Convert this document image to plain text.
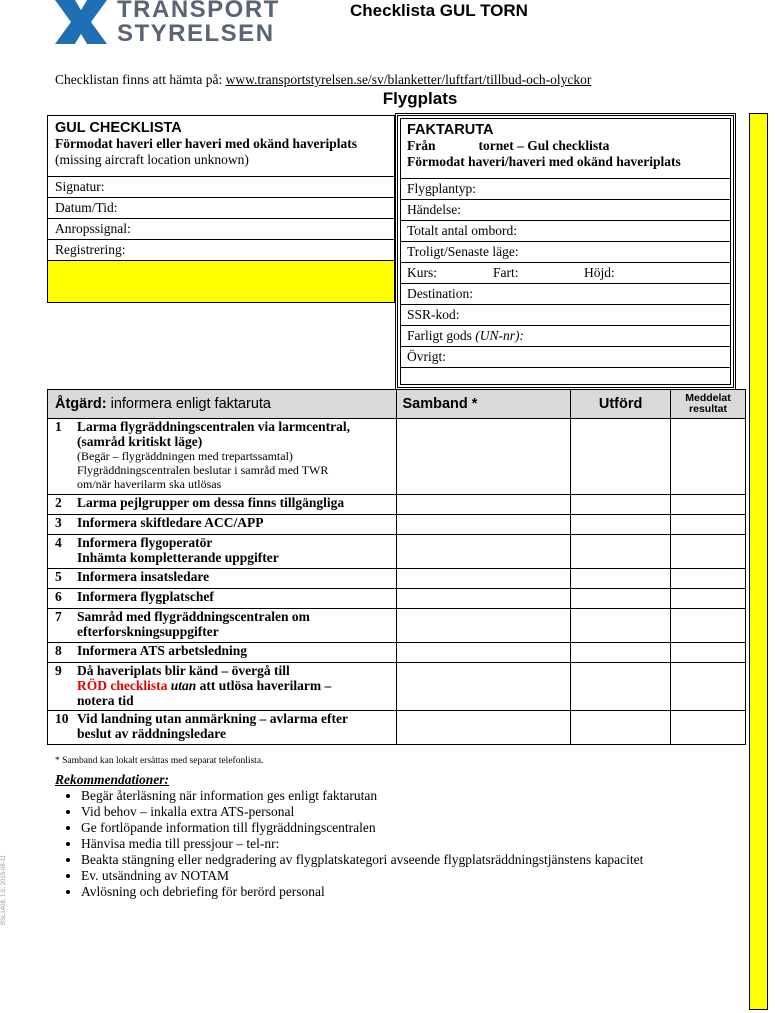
TRANSPORT
STYRELSEN
Checklista GUL TORN
Checklistan finns att hämta på: www.transportstyrelsen.se/sv/blanketter/luftfart/tillbud-och-olyckor
Flygplats
GUL CHECKLISTA
Förmodat haveri eller haveri med okänd haveriplats (missing aircraft location unknown)
Signatur:
Datum/Tid:
Anropssignal:
Registrering:
FAKTARUTA
Från	tornet – Gul checklista
Förmodat haveri/haveri med okänd haveriplats
Flygplantyp:
Händelse:
Totalt antal ombord:
Troligt/Senaste läge:
Kurs:	Fart:	Höjd:
Destination:
SSR-kod:
Farligt gods (UN-nr):
Övrigt:
Åtgärd: informera enligt faktaruta	Samband *	Utförd	Meddelat resultat

1 Larma flygräddningscentralen via larmcentral,
(samråd kritiskt läge)
(Begär – flygräddningen med trepartssamtal)
Flygräddningscentralen beslutar i samråd med TWR
om/när haverilarm ska utlösas			

2 Larma pejlgrupper om dessa finns tillgängliga			
3 Informera skiftledare ACC/APP			

4 Informera flygoperatör
Inhämta kompletterande uppgifter			

5 Informera insatsledare			
6 Informera flygplatschef			

7 Samråd med flygräddningscentralen om
efterforskningsuppgifter			

8 Informera ATS arbetsledning			

9 Då haveriplats blir känd – övergå till
RÖD checklista utan att utlösa haverilarm –
notera tid			

10 Vid landning utan anmärkning – avlarma efter
beslut av räddningsledare			

* Samband kan lokalt ersättas med separat telefonlista.
Rekommendationer:
• Begär återläsning när information ges enligt faktarutan
• Vid behov – inkalla extra ATS-personal
• Ge fortlöpande information till flygräddningscentralen
• Hänvisa media till pressjour – tel-nr:
• Beakta stängning eller nedgradering av flygplatskategori avseende flygplatsräddningstjänstens kapacitet
• Ev. utsändning av NOTAM
• Avlösning och debriefing för berörd personal
BSL1408, 1.0, 2015-08-11
